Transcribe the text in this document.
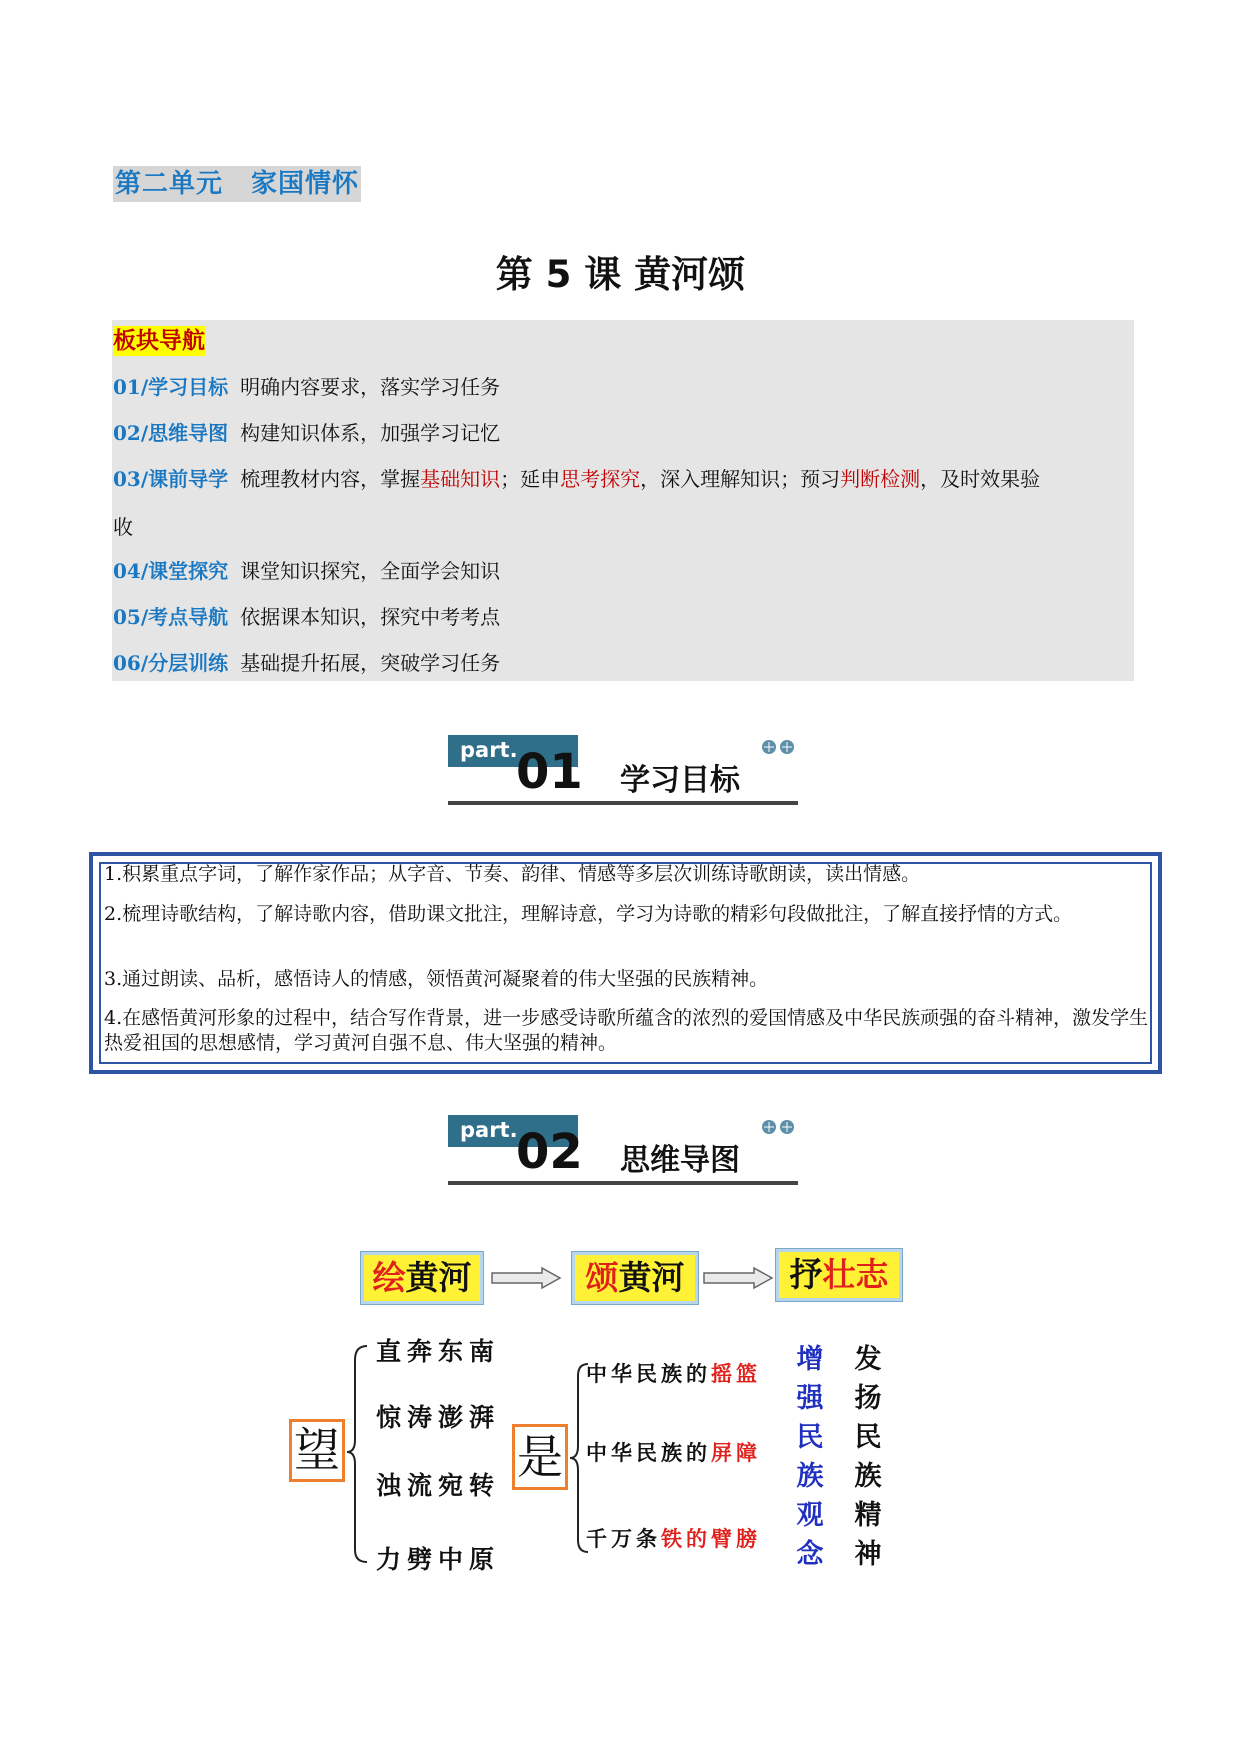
第二单元 家国情怀
第 5 课 黄河颂
板块导航
01/学习目标 明确内容要求，落实学习任务
02/思维导图 构建知识体系，加强学习记忆
03/课前导学 梳理教材内容，掌握基础知识；延申思考探究，深入理解知识；预习判断检测，及时效果验
收
04/课堂探究 课堂知识探究，全面学会知识
05/考点导航 依据课本知识，探究中考考点
06/分层训练 基础提升拓展，突破学习任务
part.
01 学习目标
1.积累重点字词，了解作家作品；从字音、节奏、韵律、情感等多层次训练诗歌朗读，读出情感。
2.梳理诗歌结构，了解诗歌内容，借助课文批注，理解诗意，学习为诗歌的精彩句段做批注，了解直接抒情的方式。
3.通过朗读、品析，感悟诗人的情感，领悟黄河凝聚着的伟大坚强的民族精神。
4.在感悟黄河形象的过程中，结合写作背景，进一步感受诗歌所蕴含的浓烈的爱国情感及中华民族顽强的奋斗精神，激发学生热爱祖国的思想感情，学习黄河自强不息、伟大坚强的精神。
part.
02 思维导图
绘黄河	颂黄河	抒壮志
望
直奔东南
惊涛澎湃
浊流宛转
力劈中原
是
中华民族的摇篮
中华民族的屏障
千万条铁的臂膀
增
强
民
族
观
念
发
扬
民
族
精
神
